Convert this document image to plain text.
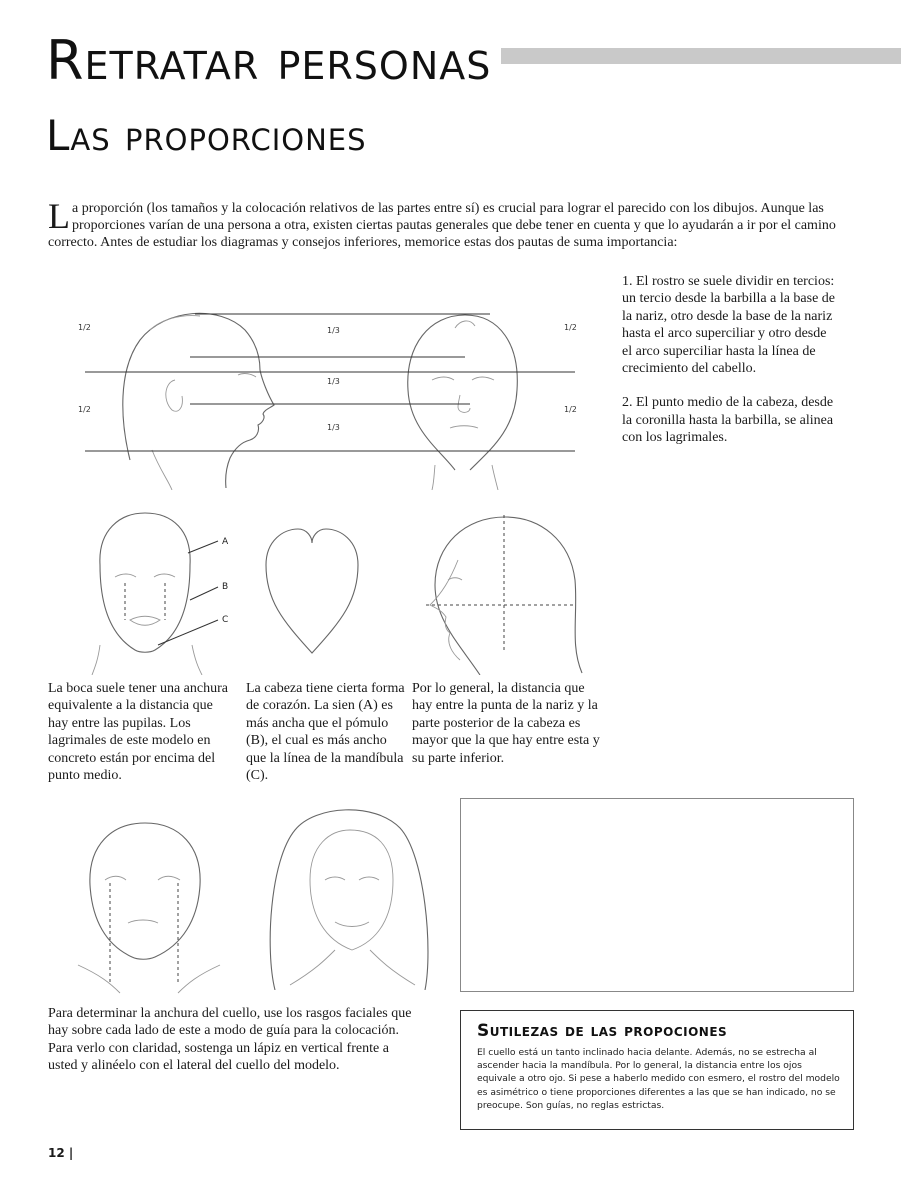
Retratar personas
Las proporciones
La proporción (los tamaños y la colocación relativos de las partes entre sí) es crucial para lograr el parecido con los dibujos. Aunque las proporciones varían de una persona a otra, existen ciertas pautas generales que debe tener en cuenta y que lo ayudarán a ir por el camino correcto. Antes de estudiar los diagramas y consejos inferiores, memorice estas dos pautas de suma importancia:

1. El rostro se suele dividir en tercios: un tercio desde la barbilla a la base de la nariz, otro desde la base de la nariz hasta el arco superciliar y otro desde el arco superciliar hasta la línea de crecimiento del cabello.

2. El punto medio de la cabeza, desde la coronilla hasta la barbilla, se alinea con los lagrimales.

1/2
1/2
1/2
1/2
1/3
1/3
1/3
A
B
C
La boca suele tener una anchura equivalente a la distancia que hay entre las pupilas. Los lagrimales de este modelo en concreto están por encima del punto medio.
La cabeza tiene cierta forma de corazón. La sien (A) es más ancha que el pómulo (B), el cual es más ancho que la línea de la mandíbula (C).
Por lo general, la distancia que hay entre la punta de la nariz y la parte posterior de la cabeza es mayor que la que hay entre esta y su parte inferior.
Para determinar la anchura del cuello, use los rasgos faciales que hay sobre cada lado de este a modo de guía para la colocación. Para verlo con claridad, sostenga un lápiz en vertical frente a usted y alinéelo con el lateral del cuello del modelo.
Sutilezas de las propociones

El cuello está un tanto inclinado hacia delante. Además, no se estrecha al ascender hacia la mandíbula. Por lo general, la distancia entre los ojos equivale a otro ojo. Si pese a haberlo medido con esmero, el rostro del modelo es asimétrico o tiene proporciones diferentes a las que se han indicado, no se preocupe. Son guías, no reglas estrictas.

12 |
